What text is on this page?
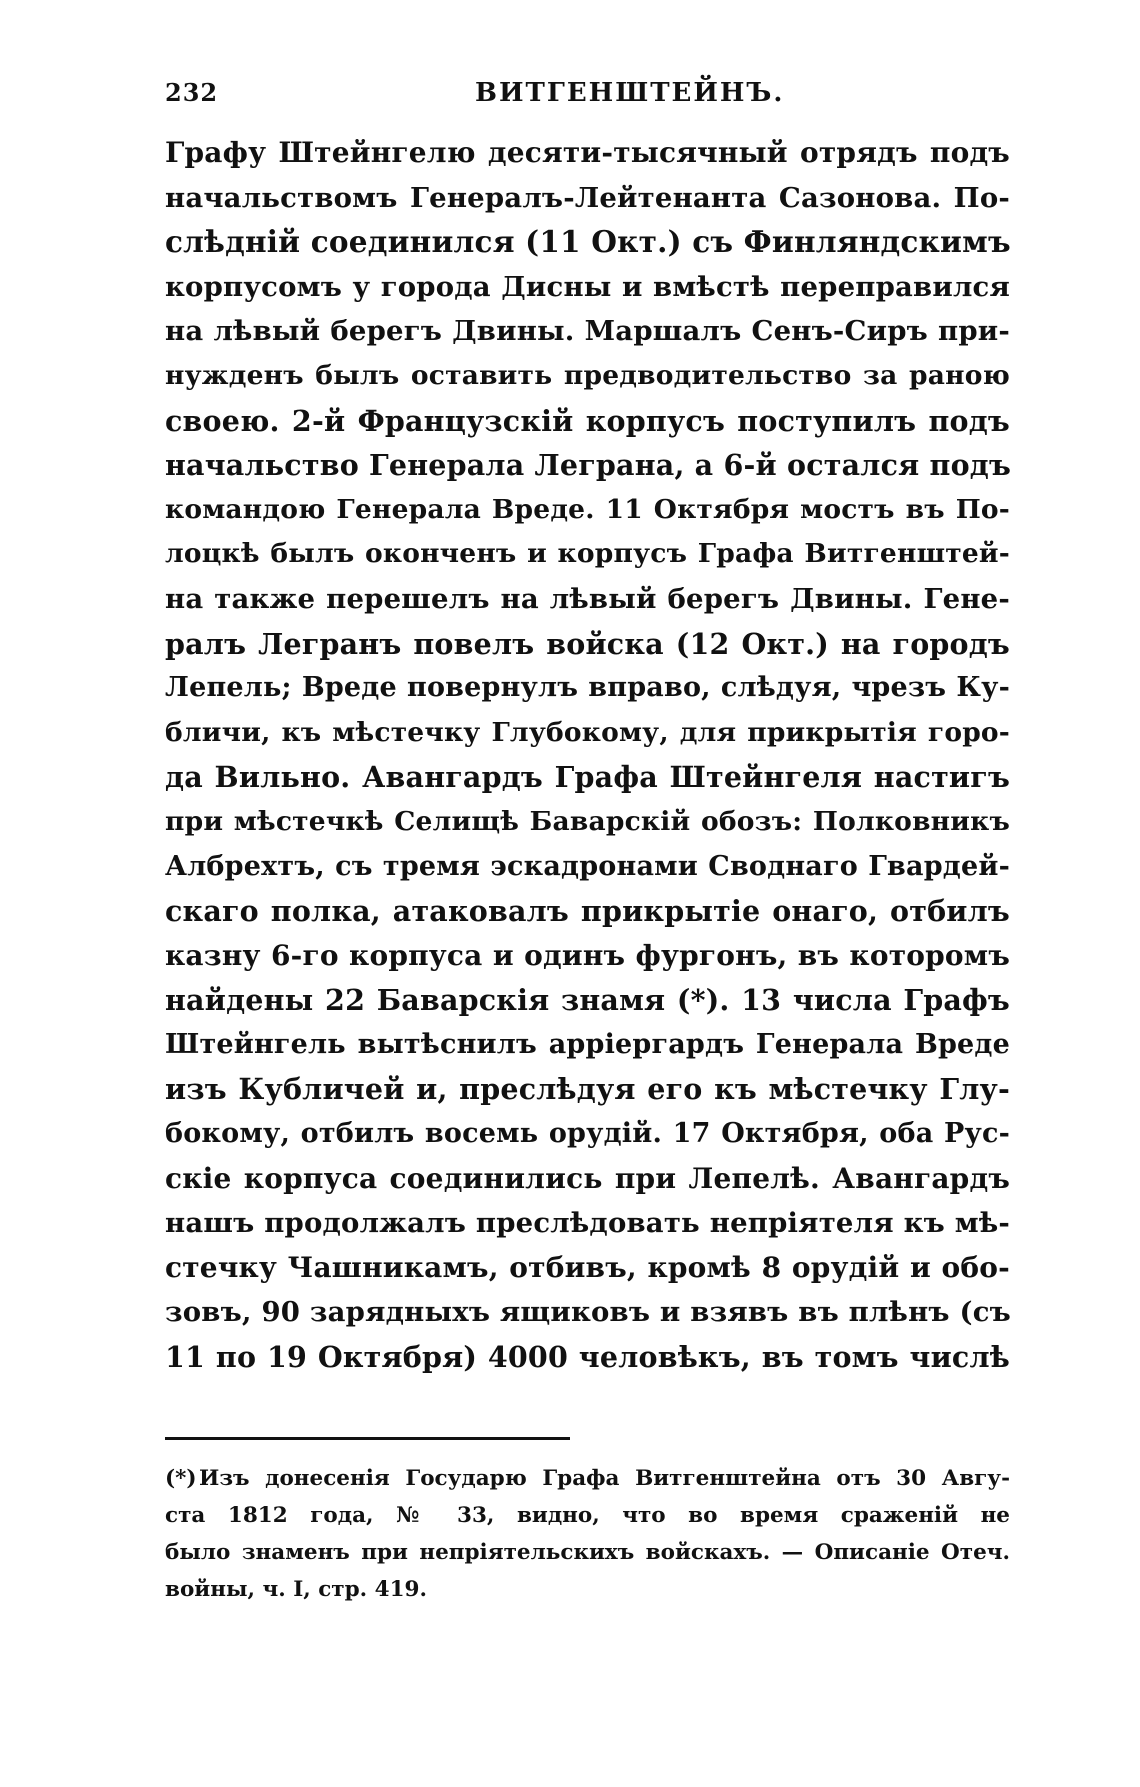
232	ВИТГЕНШТЕЙНЪ.
Графу Штейнгелю десяти-тысячный отрядъ подъ
начальствомъ Генералъ-Лейтенанта Сазонова. По-
слѣдній соединился (11 Окт.) съ Финляндскимъ
корпусомъ у города Дисны и вмѣстѣ переправился
на лѣвый берегъ Двины. Маршалъ Сенъ-Сиръ при-
нужденъ былъ оставить предводительство за раною
своею. 2-й Французскій корпусъ поступилъ подъ
начальство Генерала Леграна, а 6-й остался подъ
командою Генерала Вреде. 11 Октября мостъ въ По-
лоцкѣ былъ оконченъ и корпусъ Графа Витгенштей-
на также перешелъ на лѣвый берегъ Двины. Гене-
ралъ Легранъ повелъ войска (12 Окт.) на городъ
Лепель; Вреде повернулъ вправо, слѣдуя, чрезъ Ку-
бличи, къ мѣстечку Глубокому, для прикрытія горо-
да Вильно. Авангардъ Графа Штейнгеля настигъ
при мѣстечкѣ Селищѣ Баварскій обозъ: Полковникъ
Албрехтъ, съ тремя эскадронами Своднаго Гвардей-
скаго полка, атаковалъ прикрытіе онаго, отбилъ
казну 6-го корпуса и одинъ фургонъ, въ которомъ
найдены 22 Баварскія знамя (*). 13 числа Графъ
Штейнгель вытѣснилъ арріергардъ Генерала Вреде
изъ Кубличей и, преслѣдуя его къ мѣстечку Глу-
бокому, отбилъ восемь орудій. 17 Октября, оба Рус-
скіе корпуса соединились при Лепелѣ. Авангардъ
нашъ продолжалъ преслѣдовать непріятеля къ мѣ-
стечку Чашникамъ, отбивъ, кромѣ 8 орудій и обо-
зовъ, 90 зарядныхъ ящиковъ и взявъ въ плѣнъ (съ
11 по 19 Октября) 4000 человѣкъ, въ томъ числѣ
(*) Изъ донесенія Государю Графа Витгенштейна отъ 30 Авгу-
ста 1812 года, № 33, видно, что во время сраженій не
было знаменъ при непріятельскихъ войскахъ. — Описаніе Отеч.
войны, ч. I, стр. 419.
